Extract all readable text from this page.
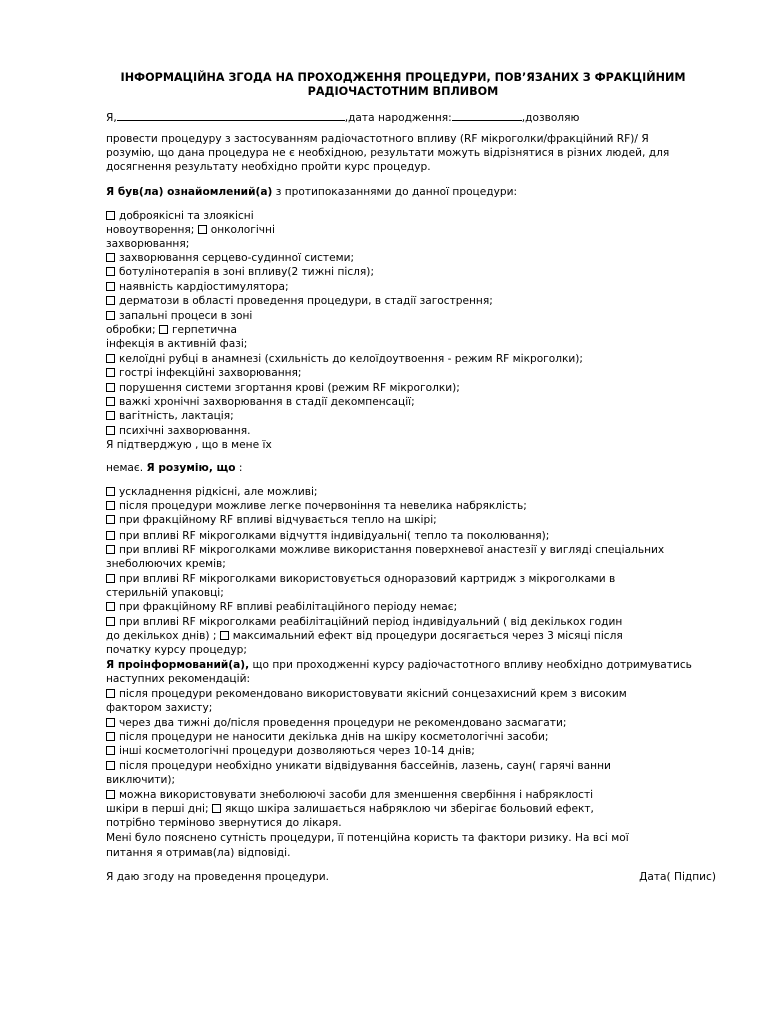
ІНФОРМАЦІЙНА ЗГОДА НА ПРОХОДЖЕННЯ ПРОЦЕДУРИ, ПОВ’ЯЗАНИХ З ФРАКЦІЙНИМ
РАДІОЧАСТОТНИМ ВПЛИВОМ
Я,	,дата народження:	,дозволяю
провести процедуру з застосуванням радіочастотного впливу (RF мікроголки/фракційний RF)/ Я
розумію, що дана процедура не є необхідною, результати можуть відрізнятися в різних людей, для
досягнення результату необхідно пройти курс процедур.
Я був(ла) ознайомлений(а) з протипоказаннями до данної процедури:
доброякісні та злоякісні
новоутворення; онкологічні
захворювання;
захворювання серцево-судинної системи;
ботулінотерапія в зоні впливу(2 тижні після);
наявність кардіостимулятора;
дерматози в області проведення процедури, в стадії загострення;
запальні процеси в зоні
обробки; герпетична
інфекція в активній фазі;
келоїдні рубці в анамнезі (схильність до келоїдоутвоення - режим RF мікроголки);
гострі інфекційні захворювання;
порушення системи згортання крові (режим RF мікроголки);
важкі хронічні захворювання в стадії декомпенсації;
вагітність, лактація;
психічні захворювання.
Я підтверджую , що в мене їх
немає. Я розумію, що :
ускладнення рідкісні, але можливі;
після процедури можливе легке почервоніння та невелика набряклість;
при фракційному RF впливі відчувається тепло на шкірі;
при впливі RF мікроголками відчуття індивідуальні( тепло та поколювання);
при впливі RF мікроголками можливе використання поверхневої анастезії у вигляді спеціальних
знеболюючих кремів;
при впливі RF мікроголками використовується одноразовий картридж з мікроголками в
стерильній упаковці;
при фракційному RF впливі реабілітаційного періоду немає;
при впливі RF мікроголками реабілітаційний період індивідуальний ( від декількох годин
до декількох днів) ; максимальний ефект від процедури досягається через 3 місяці після
початку курсу процедур;
Я проінформований(а), що при проходженні курсу радіочастотного впливу необхідно дотримуватись
наступних рекомендацій:
після процедури рекомендовано використовувати якісний сонцезахисний крем з високим
фактором захисту;
через два тижні до/після проведення процедури не рекомендовано засмагати;
після процедури не наносити декілька днів на шкіру косметологічні засоби;
інші косметологічні процедури дозволяються через 10-14 днів;
після процедури необхідно уникати відвідування бассейнів, лазень, саун( гарячі ванни
виключити);
можна використовувати знеболюючі засоби для зменшення свербіння і набряклості
шкіри в перші дні; якщо шкіра залишається набряклою чи зберігає больовий ефект,
потрібно терміново звернутися до лікаря.
Мені було пояснено сутність процедури, її потенційна користь та фактори ризику. На всі мої
питання я отримав(ла) відповіді.
Я даю згоду на проведення процедури.	Дата( Підпис)
